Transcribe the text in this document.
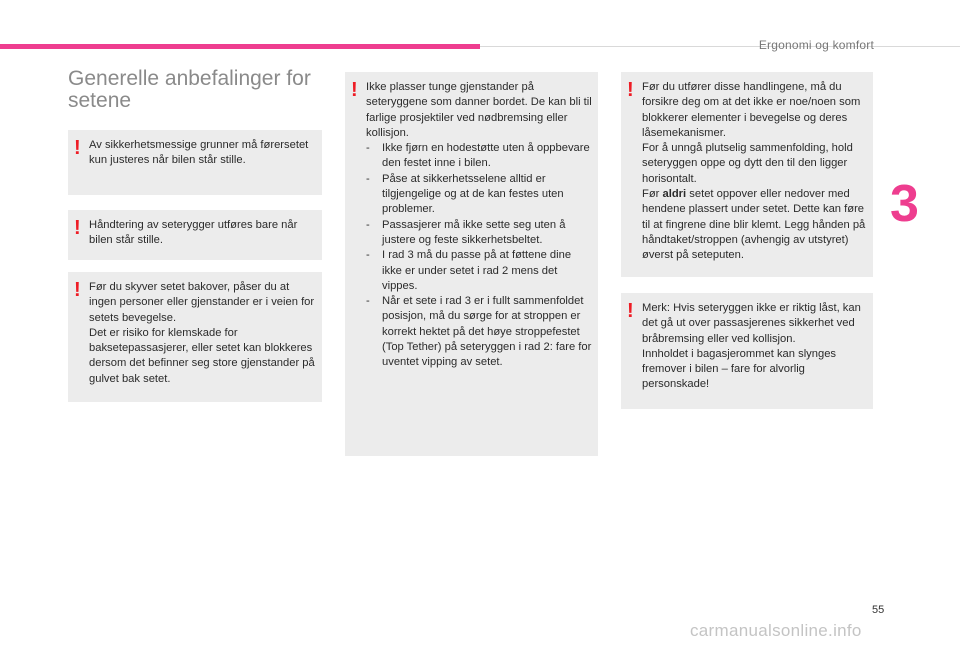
Ergonomi og komfort
3
Generelle anbefalinger for setene
! Av sikkerhetsmessige grunner må førersetet kun justeres når bilen står stille.

! Håndtering av seterygger utføres bare når bilen står stille.

! Før du skyver setet bakover, påser du at ingen personer eller gjenstander er i veien for setets bevegelse.

Det er risiko for klemskade for baksetepassasjerer, eller setet kan blokkeres dersom det befinner seg store gjenstander på gulvet bak setet.

! Ikke plasser tunge gjenstander på seteryggene som danner bordet. De kan bli til farlige prosjektiler ved nødbremsing eller kollisjon.

- Ikke fjørn en hodestøtte uten å oppbevare den festet inne i bilen.
- Påse at sikkerhetsselene alltid er tilgjengelige og at de kan festes uten problemer.
- Passasjerer må ikke sette seg uten å justere og feste sikkerhetsbeltet.
- I rad 3 må du passe på at føttene dine ikke er under setet i rad 2 mens det vippes.
- Når et sete i rad 3 er i fullt sammenfoldet posisjon, må du sørge for at stroppen er korrekt hektet på det høye stroppefestet (Top Tether) på seteryggen i rad 2: fare for uventet vipping av setet.
! Før du utfører disse handlingene, må du forsikre deg om at det ikke er noe/noen som blokkerer elementer i bevegelse og deres låsemekanismer.

For å unngå plutselig sammenfolding, hold seteryggen oppe og dytt den til den ligger horisontalt.

Før aldri setet oppover eller nedover med hendene plassert under setet. Dette kan føre til at fingrene dine blir klemt. Legg hånden på håndtaket/stroppen (avhengig av utstyret) øverst på seteputen.

! Merk: Hvis seteryggen ikke er riktig låst, kan det gå ut over passasjerenes sikkerhet ved bråbremsing eller ved kollisjon.

Innholdet i bagasjerommet kan slynges fremover i bilen – fare for alvorlig personskade!

55
carmanualsonline.info
